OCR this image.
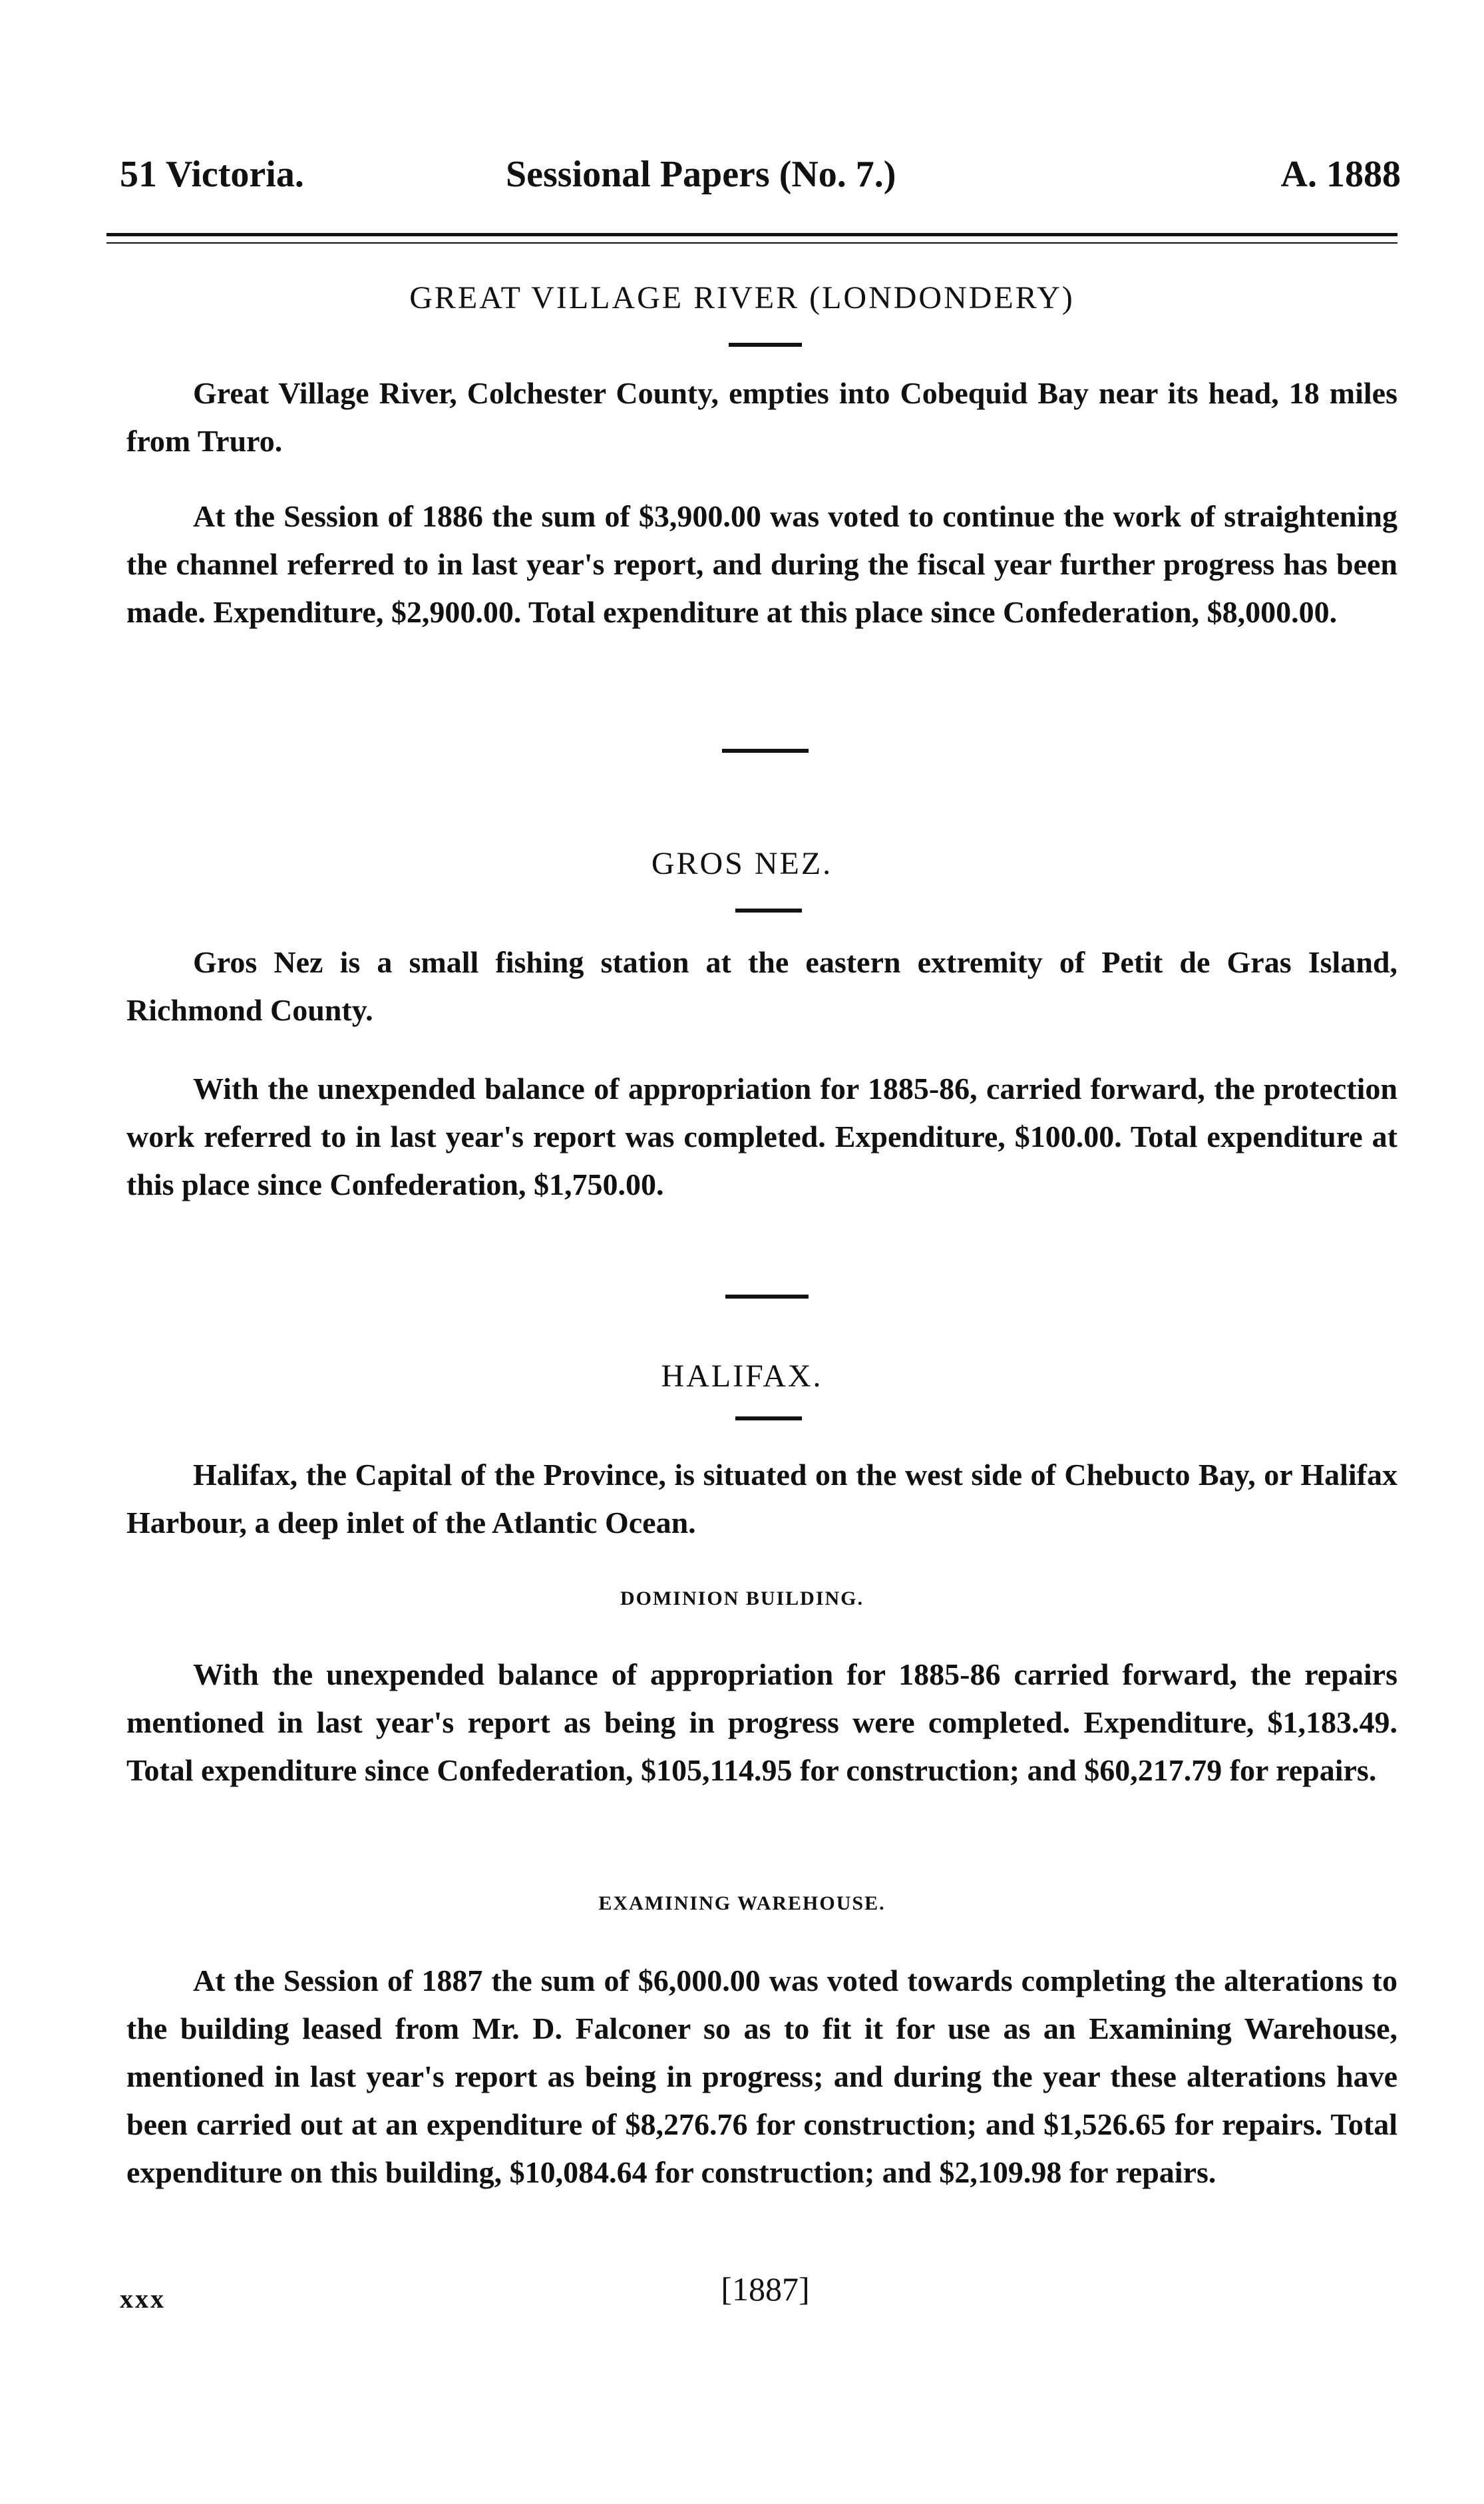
51 Victoria.	Sessional Papers (No. 7.)	A. 1888
GREAT VILLAGE RIVER (LONDONDERY)
Great Village River, Colchester County, empties into Cobequid Bay near its head, 18 miles from Truro.
At the Session of 1886 the sum of $3,900.00 was voted to continue the work of straightening the channel referred to in last year's report, and during the fiscal year further progress has been made. Expenditure, $2,900.00. Total expenditure at this place since Confederation, $8,000.00.
GROS NEZ.
Gros Nez is a small fishing station at the eastern extremity of Petit de Gras Island, Richmond County.
With the unexpended balance of appropriation for 1885-86, carried forward, the protection work referred to in last year's report was completed. Expenditure, $100.00. Total expenditure at this place since Confederation, $1,750.00.
HALIFAX.
Halifax, the Capital of the Province, is situated on the west side of Chebucto Bay, or Halifax Harbour, a deep inlet of the Atlantic Ocean.
DOMINION BUILDING.
With the unexpended balance of appropriation for 1885-86 carried forward, the repairs mentioned in last year's report as being in progress were completed. Expenditure, $1,183.49. Total expenditure since Confederation, $105,114.95 for construction; and $60,217.79 for repairs.
EXAMINING WAREHOUSE.
At the Session of 1887 the sum of $6,000.00 was voted towards completing the alterations to the building leased from Mr. D. Falconer so as to fit it for use as an Examining Warehouse, mentioned in last year's report as being in progress; and during the year these alterations have been carried out at an expenditure of $8,276.76 for construction; and $1,526.65 for repairs. Total expenditure on this building, $10,084.64 for construction; and $2,109.98 for repairs.
xxx	[1887]
